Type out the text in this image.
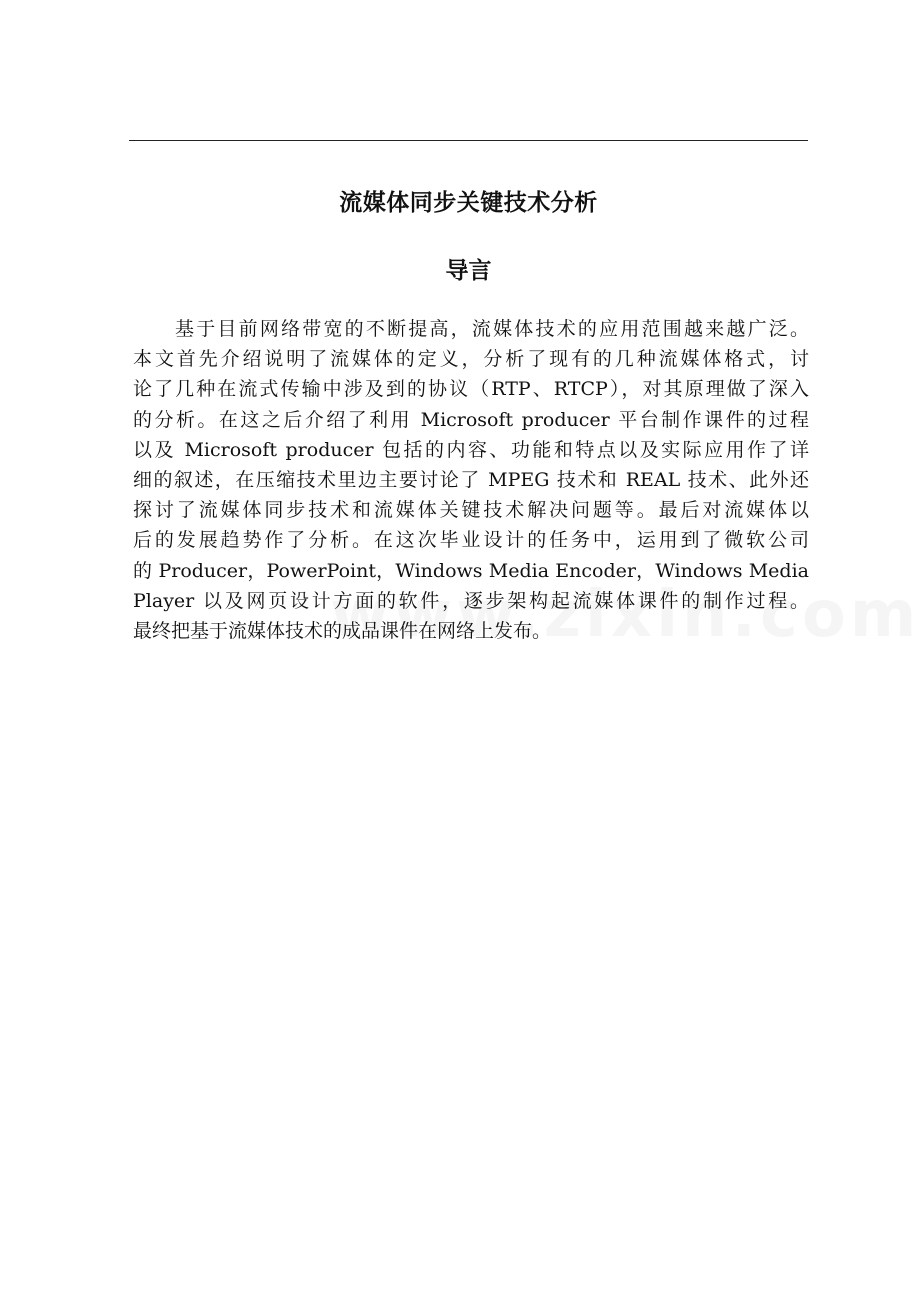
流媒体同步关键技术分析
导言
基于目前网络带宽的不断提高，流媒体技术的应用范围越来越广泛。
本文首先介绍说明了流媒体的定义，分析了现有的几种流媒体格式，讨
论了几种在流式传输中涉及到的协议（RTP、RTCP），对其原理做了深入
的分析。在这之后介绍了利用 Microsoft producer 平台制作课件的过程
以及 Microsoft producer 包括的内容、功能和特点以及实际应用作了详
细的叙述，在压缩技术里边主要讨论了 MPEG 技术和 REAL 技术、此外还
探讨了流媒体同步技术和流媒体关键技术解决问题等。最后对流媒体以
后的发展趋势作了分析。在这次毕业设计的任务中，运用到了微软公司
的 Producer，PowerPoint，Windows Media Encoder，Windows Media
Player 以及网页设计方面的软件，逐步架构起流媒体课件的制作过程。
最终把基于流媒体技术的成品课件在网络上发布。
